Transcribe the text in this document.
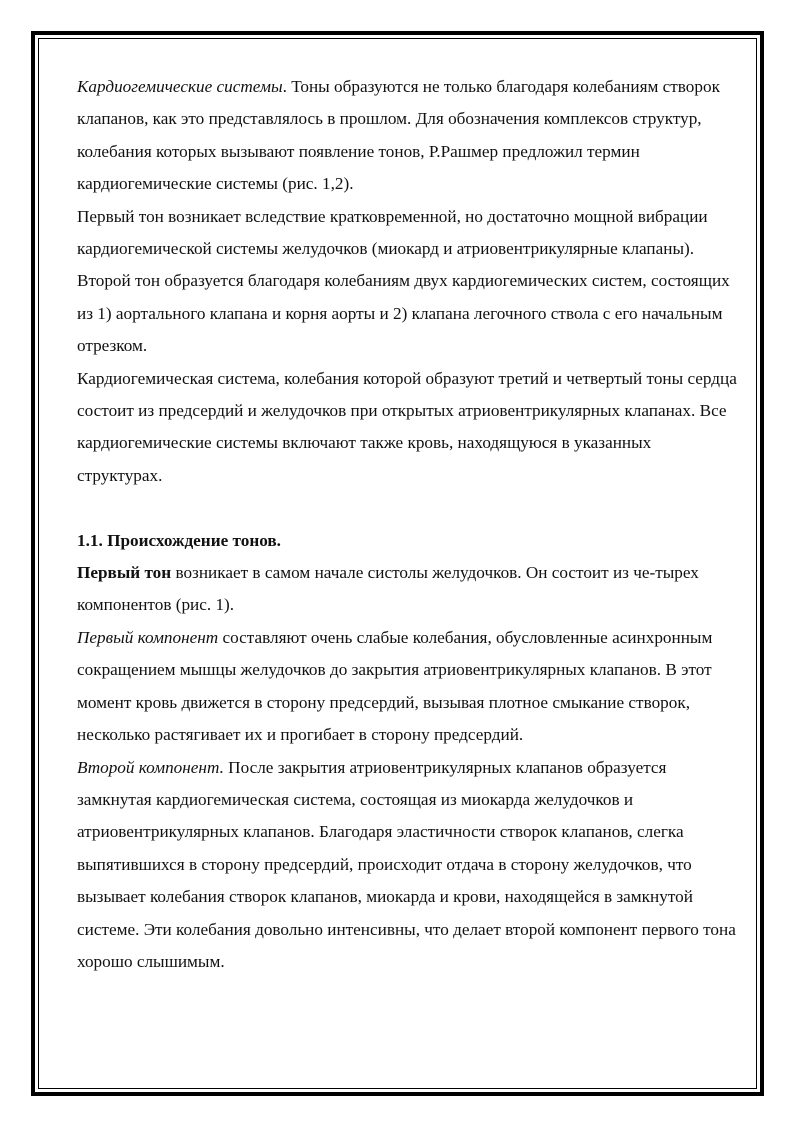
Кардиогемические системы. Тоны образуются не только благодаря колебаниям створок клапанов, как это представлялось в прошлом. Для обозначения комплексов структур, колебания которых вызывают появление тонов, Р.Рашмер предложил термин кардиогемические системы (рис. 1,2).

Первый тон возникает вследствие кратковременной, но достаточно мощной вибрации кардиогемической системы желудочков (миокард и атриовентрикулярные клапаны). Второй тон образуется благодаря колебаниям двух кардиогемических систем, состоящих из 1) аортального клапана и корня аорты и 2) клапана легочного ствола с его начальным отрезком.

Кардиогемическая система, колебания которой образуют третий и четвертый тоны сердца состоит из предсердий и желудочков при открытых атриовентрикулярных клапанах. Все кардиогемические системы включают также кровь, находящуюся в указанных структурах.

1.1. Происхождение тонов.

Первый тон возникает в самом начале систолы желудочков. Он состоит из че-тырех компонентов (рис. 1).

Первый компонент составляют очень слабые колебания, обусловленные асинхронным сокращением мышцы желудочков до закрытия атриовентрикулярных клапанов. В этот момент кровь движется в сторону предсердий, вызывая плотное смыкание створок, несколько растягивает их и прогибает в сторону предсердий.

Второй компонент. После закрытия атриовентрикулярных клапанов образуется замкнутая кардиогемическая система, состоящая из миокарда желудочков и атриовентрикулярных клапанов. Благодаря эластичности створок клапанов, слегка выпятившихся в сторону предсердий, происходит отдача в сторону желудочков, что вызывает колебания створок клапанов, миокарда и крови, находящейся в замкнутой системе. Эти колебания довольно интенсивны, что делает второй компонент первого тона хорошо слышимым.
